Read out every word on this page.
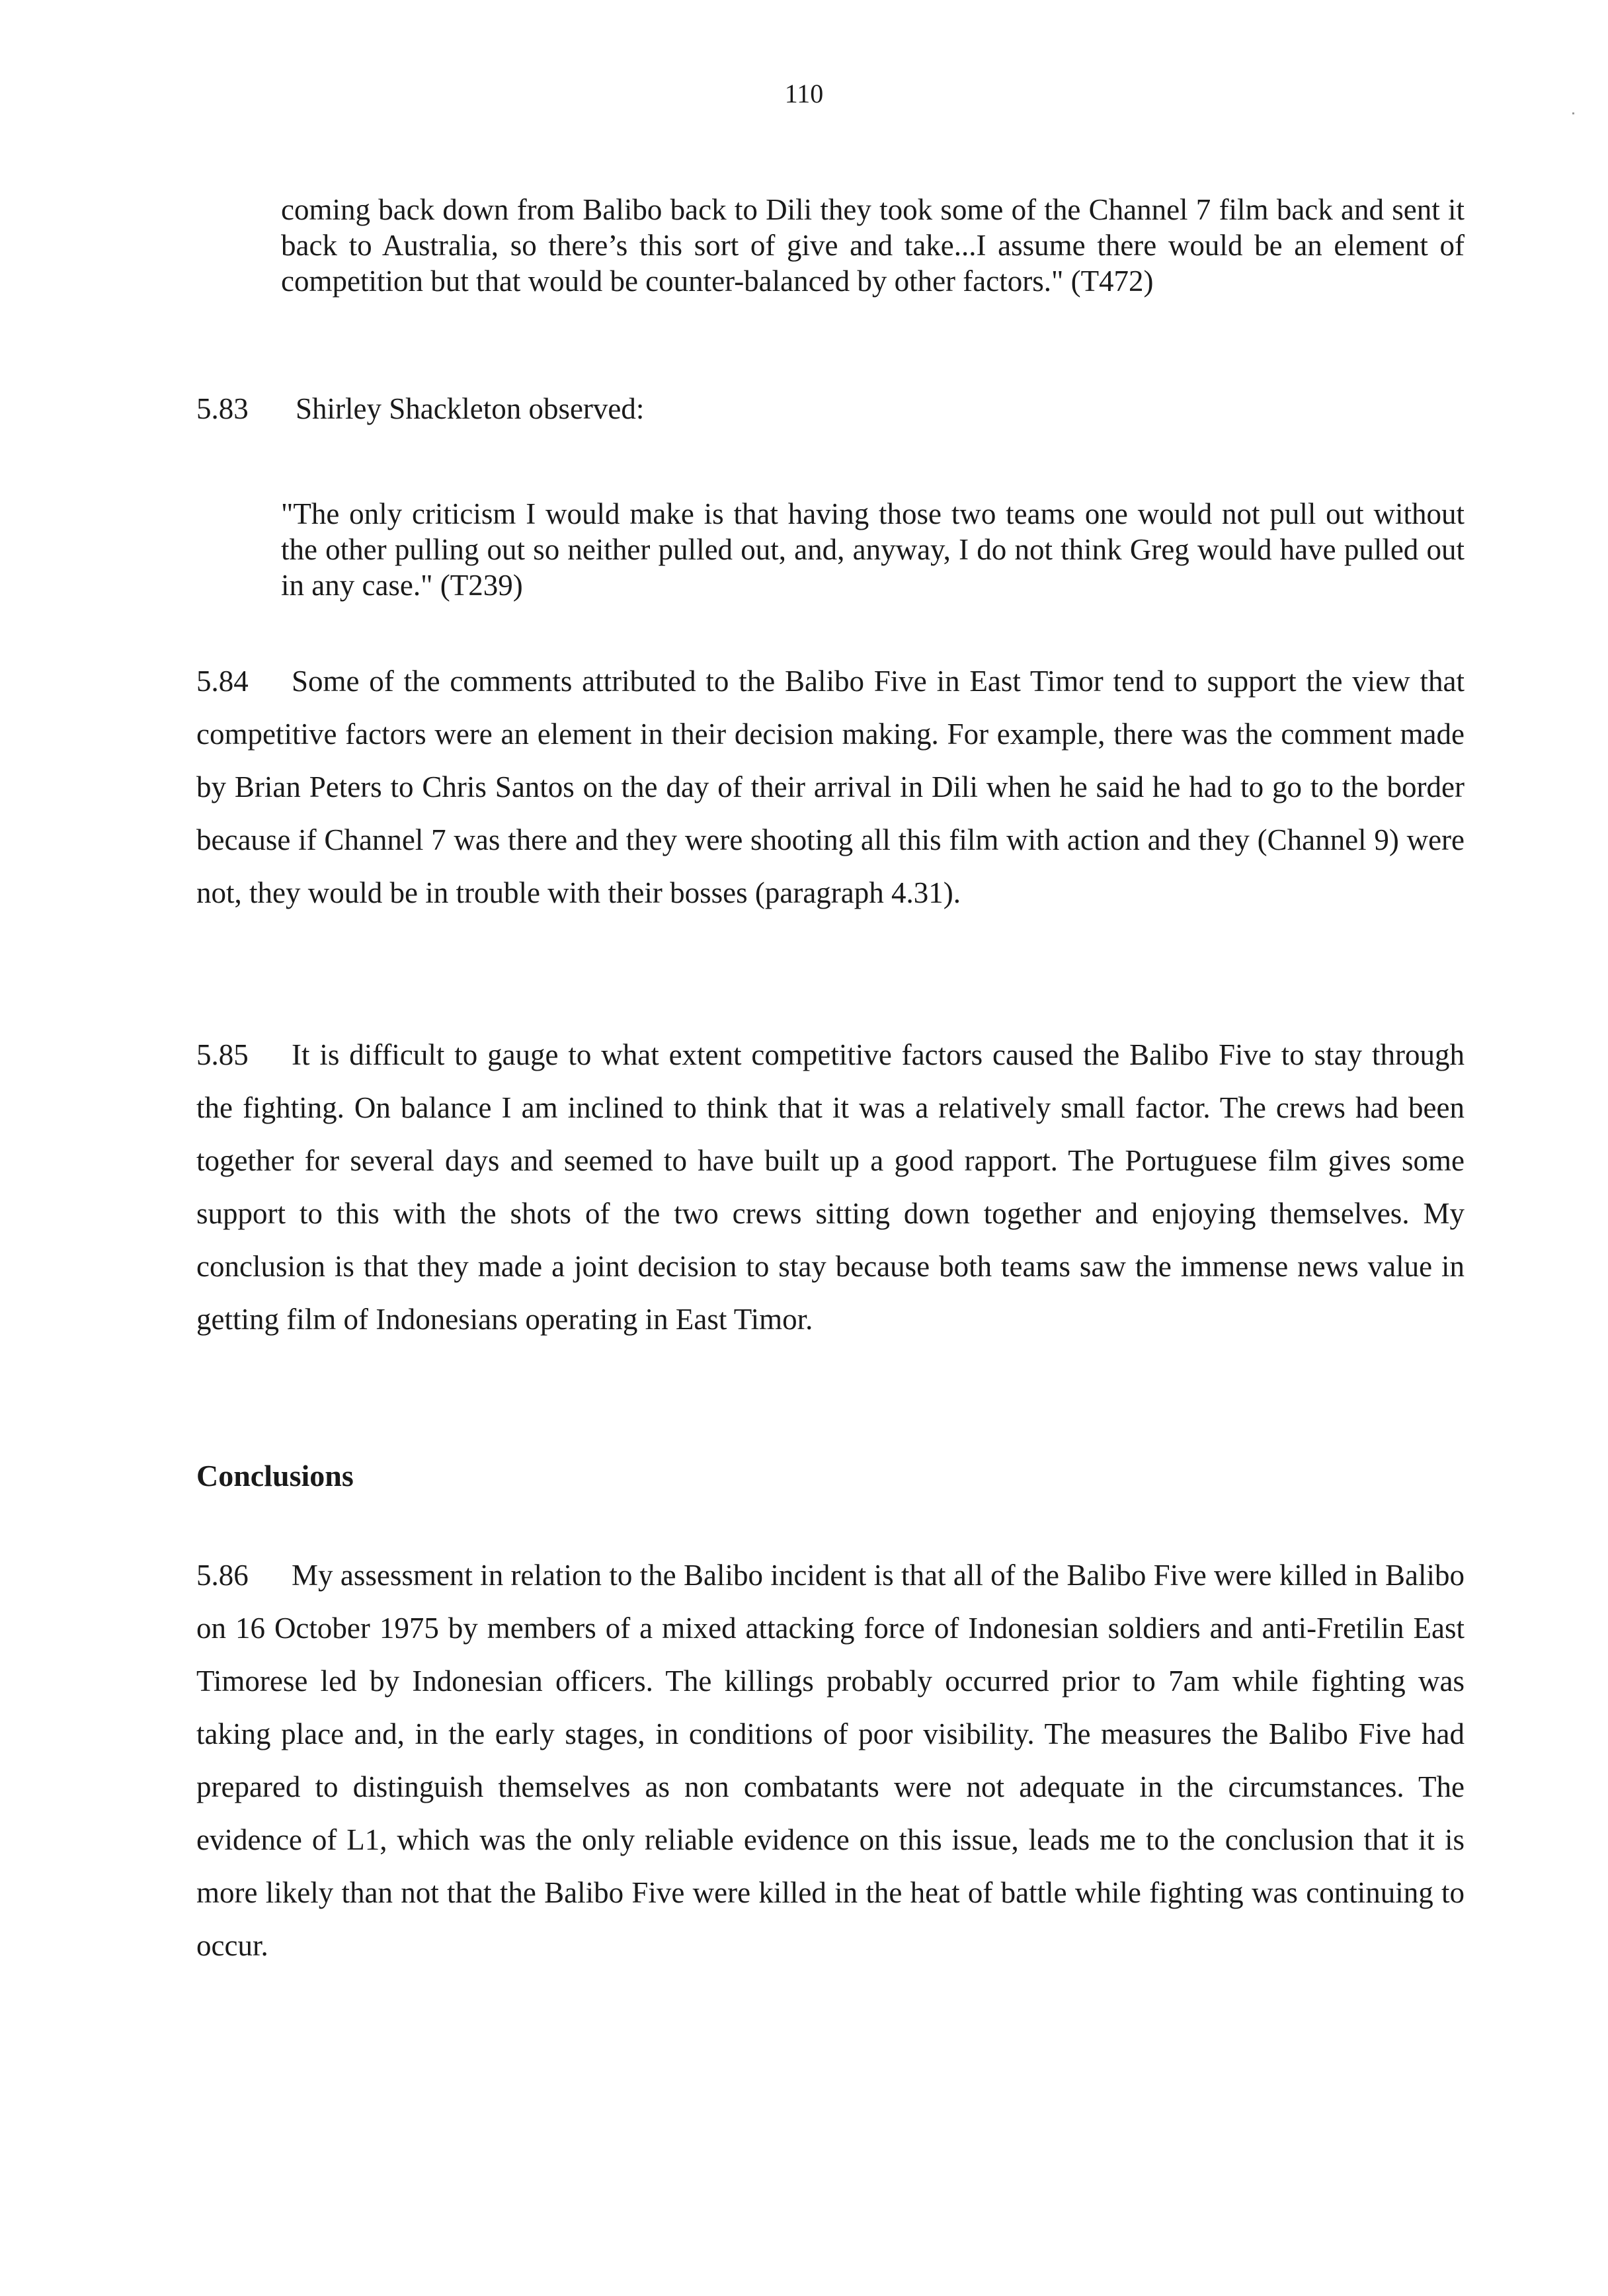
110

coming back down from Balibo back to Dili they took some of the Channel 7 film back and sent it back to Australia, so there’s this sort of give and take...I assume there would be an element of competition but that would be counter-balanced by other factors." (T472)

5.83 Shirley Shackleton observed:

"The only criticism I would make is that having those two teams one would not pull out without the other pulling out so neither pulled out, and, anyway, I do not think Greg would have pulled out in any case." (T239)

5.84 Some of the comments attributed to the Balibo Five in East Timor tend to support the view that competitive factors were an element in their decision making. For example, there was the comment made by Brian Peters to Chris Santos on the day of their arrival in Dili when he said he had to go to the border because if Channel 7 was there and they were shooting all this film with action and they (Channel 9) were not, they would be in trouble with their bosses (paragraph 4.31).

5.85 It is difficult to gauge to what extent competitive factors caused the Balibo Five to stay through the fighting. On balance I am inclined to think that it was a relatively small factor. The crews had been together for several days and seemed to have built up a good rapport. The Portuguese film gives some support to this with the shots of the two crews sitting down together and enjoying themselves. My conclusion is that they made a joint decision to stay because both teams saw the immense news value in getting film of Indonesians operating in East Timor.

Conclusions

5.86 My assessment in relation to the Balibo incident is that all of the Balibo Five were killed in Balibo on 16 October 1975 by members of a mixed attacking force of Indonesian soldiers and anti-Fretilin East Timorese led by Indonesian officers. The killings probably occurred prior to 7am while fighting was taking place and, in the early stages, in conditions of poor visibility. The measures the Balibo Five had prepared to distinguish themselves as non combatants were not adequate in the circumstances. The evidence of L1, which was the only reliable evidence on this issue, leads me to the conclusion that it is more likely than not that the Balibo Five were killed in the heat of battle while fighting was continuing to occur.
